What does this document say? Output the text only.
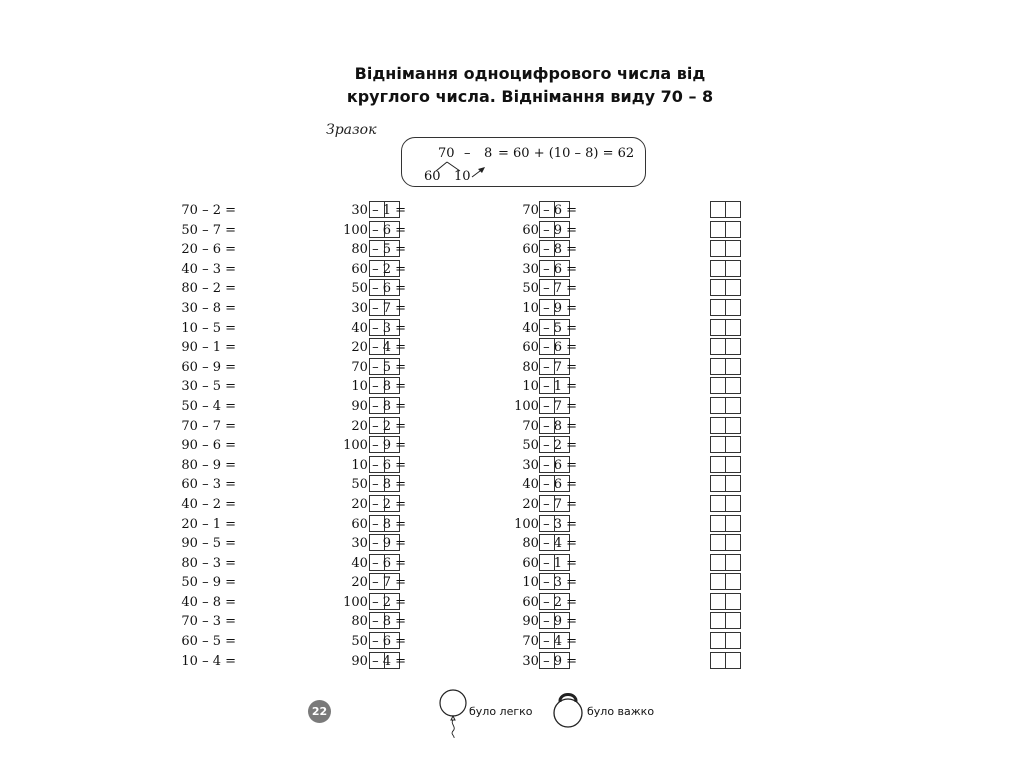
Віднімання одноцифрового числа від
круглого числа. Віднімання виду 70 – 8
Зразок
70 – 8 = 60 + (10 – 8) = 62
60 10
70 – 2 =
50 – 7 =
20 – 6 =
40 – 3 =
80 – 2 =
30 – 8 =
10 – 5 =
90 – 1 =
60 – 9 =
30 – 5 =
50 – 4 =
70 – 7 =
90 – 6 =
80 – 9 =
60 – 3 =
40 – 2 =
20 – 1 =
90 – 5 =
80 – 3 =
50 – 9 =
40 – 8 =
70 – 3 =
60 – 5 =
10 – 4 =
30 – 1 =
100 – 6 =
80 – 5 =
60 – 2 =
50 – 6 =
30 – 7 =
40 – 3 =
20 – 4 =
70 – 5 =
10 – 8 =
90 – 8 =
20 – 2 =
100 – 9 =
10 – 6 =
50 – 8 =
20 – 2 =
60 – 8 =
30 – 9 =
40 – 6 =
20 – 7 =
100 – 2 =
80 – 8 =
50 – 6 =
90 – 4 =
70 – 6 =
60 – 9 =
60 – 8 =
30 – 6 =
50 – 7 =
10 – 9 =
40 – 5 =
60 – 6 =
80 – 7 =
10 – 1 =
100 – 7 =
70 – 8 =
50 – 2 =
30 – 6 =
40 – 6 =
20 – 7 =
100 – 3 =
80 – 4 =
60 – 1 =
10 – 3 =
60 – 2 =
90 – 9 =
70 – 4 =
30 – 9 =
22	було легко	було важко
